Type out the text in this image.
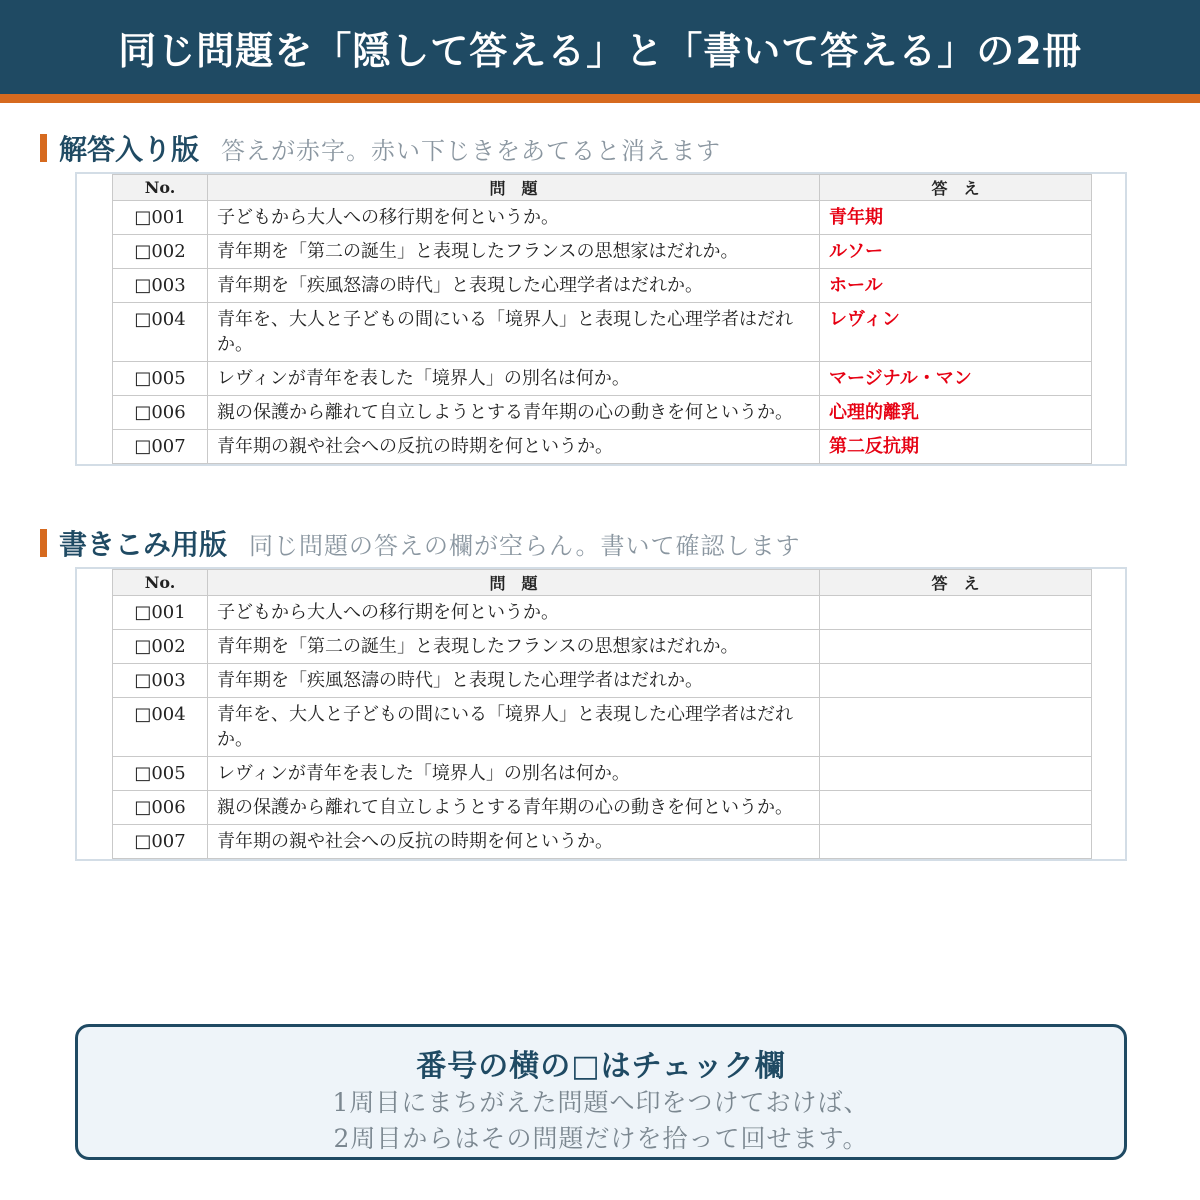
同じ問題を「隠して答える」と「書いて答える」の2冊
解答入り版 答えが赤字。赤い下じきをあてると消えます
No.	問　題	答　え
□001	子どもから大人への移行期を何というか。	青年期
□002	青年期を「第二の誕生」と表現したフランスの思想家はだれか。	ルソー
□003	青年期を「疾風怒濤の時代」と表現した心理学者はだれか。	ホール
□004	青年を、大人と子どもの間にいる「境界人」と表現した心理学者はだれか。	レヴィン
□005	レヴィンが青年を表した「境界人」の別名は何か。	マージナル・マン
□006	親の保護から離れて自立しようとする青年期の心の動きを何というか。	心理的離乳
□007	青年期の親や社会への反抗の時期を何というか。	第二反抗期
書きこみ用版 同じ問題の答えの欄が空らん。書いて確認します
No.	問　題	答　え
□001	子どもから大人への移行期を何というか。	
□002	青年期を「第二の誕生」と表現したフランスの思想家はだれか。	
□003	青年期を「疾風怒濤の時代」と表現した心理学者はだれか。	
□004	青年を、大人と子どもの間にいる「境界人」と表現した心理学者はだれか。	
□005	レヴィンが青年を表した「境界人」の別名は何か。	
□006	親の保護から離れて自立しようとする青年期の心の動きを何というか。	
□007	青年期の親や社会への反抗の時期を何というか。	
番号の横の□はチェック欄
1周目にまちがえた問題へ印をつけておけば、
2周目からはその問題だけを拾って回せます。
